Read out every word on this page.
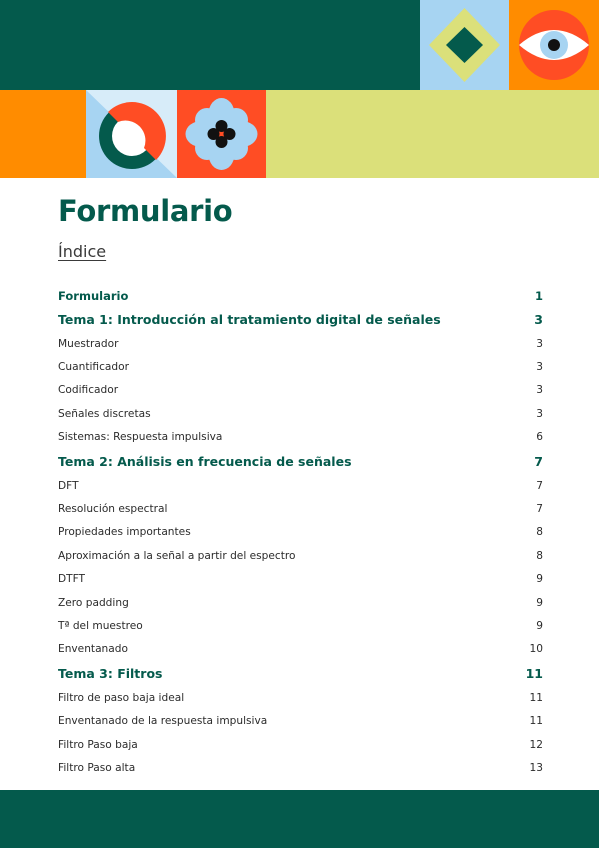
Formulario
Índice
Formulario	1
Tema 1: Introducción al tratamiento digital de señales	3
Muestrador	3
Cuantificador	3
Codificador	3
Señales discretas	3
Sistemas: Respuesta impulsiva	6
Tema 2: Análisis en frecuencia de señales	7
DFT	7
Resolución espectral	7
Propiedades importantes	8
Aproximación a la señal a partir del espectro	8
DTFT	9
Zero padding	9
Tª del muestreo	9
Enventanado	10
Tema 3: Filtros	11
Filtro de paso baja ideal	11
Enventanado de la respuesta impulsiva	11
Filtro Paso baja	12
Filtro Paso alta	13
